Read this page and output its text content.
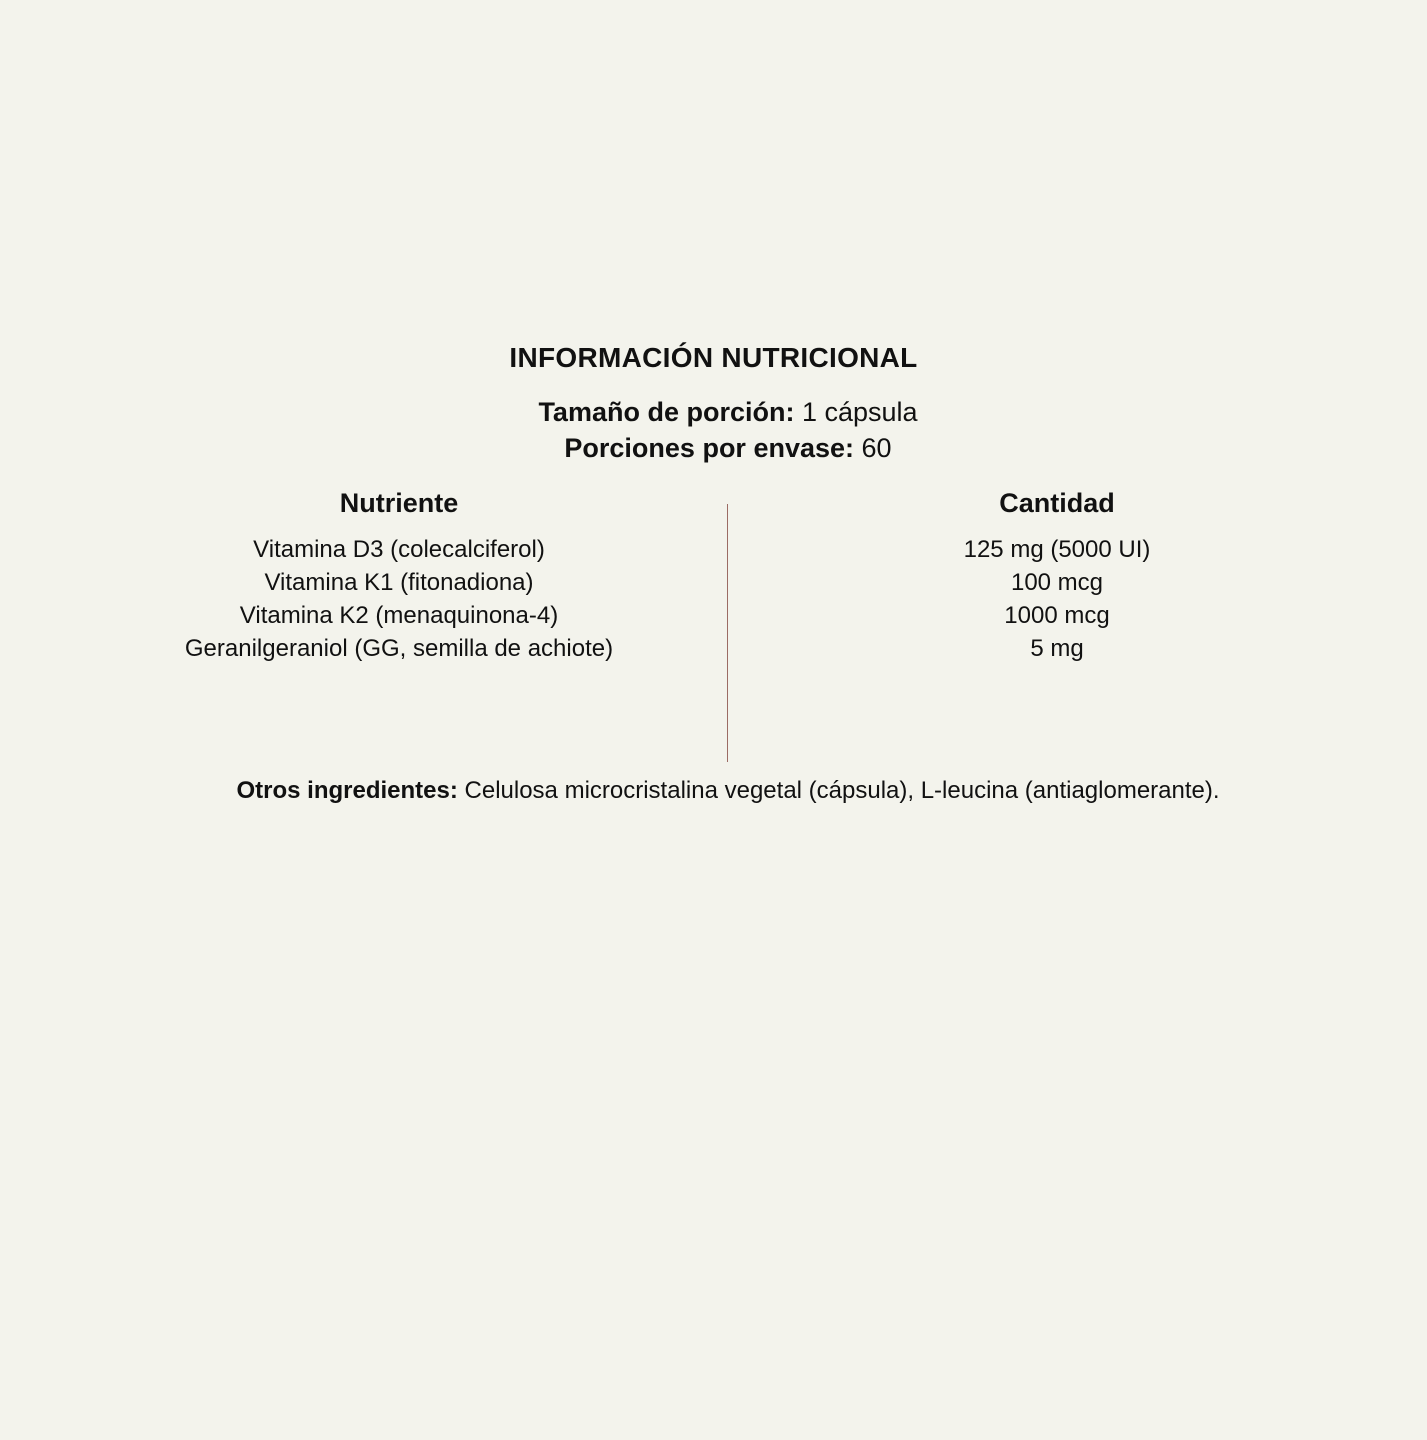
INFORMACIÓN NUTRICIONAL
Tamaño de porción: 1 cápsula
Porciones por envase: 60
Nutriente
Vitamina D3 (colecalciferol)
Vitamina K1 (fitonadiona)
Vitamina K2 (menaquinona-4)
Geranilgeraniol (GG, semilla de achiote)
Cantidad
125 mg (5000 UI)
100 mcg
1000 mcg
5 mg
Otros ingredientes: Celulosa microcristalina vegetal (cápsula), L-leucina (antiaglomerante).
